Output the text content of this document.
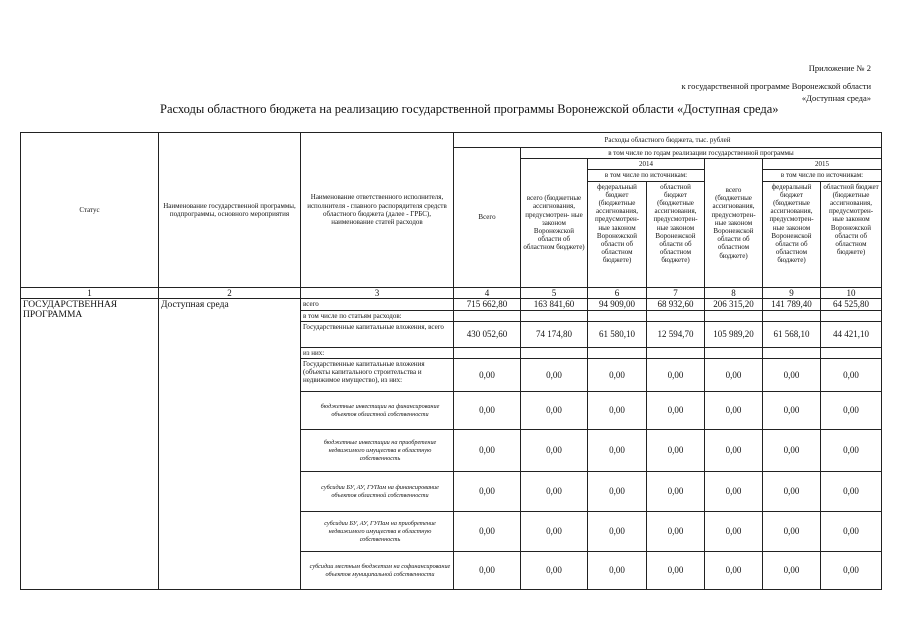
Приложение № 2
к государственной программе Воронежской области
«Доступная среда»
Расходы областного бюджета на реализацию государственной программы Воронежской области «Доступная среда»
Статус	Наименование государственной программы, подпрограммы, основного мероприятия	Наименование ответственного исполнителя, исполнителя - главного распорядителя средств областного бюджета (далее - ГРБС), наименование статей расходов	Расходы областного бюджета, тыс. рублей						
			Всего	в том числе по годам реализации государственной программы					
				всего (бюджетные ассигнования, предусмотрен- ные законом Воронежской области об областном бюджете)	2014		всего (бюджетные ассигнования, предусмотрен- ные законом Воронежской области об областном бюджете)	2015	
					в том числе по источникам:			в том числе по источникам:	
					федеральный бюджет (бюджетные ассигнования, предусмотрен- ные законом Воронежской области об областном бюджете)	областной бюджет (бюджетные ассигнования, предусмотрен- ные законом Воронежской области об областном бюджете)		федеральный бюджет (бюджетные ассигнования, предусмотрен- ные законом Воронежской области об областном бюджете)	областной бюджет (бюджетные ассигнования, предусмотрен- ные законом Воронежской области об областном бюджете)
1	2	3	4	5	6	7	8	9	10
ГОСУДАРСТВЕННАЯ ПРОГРАММА	Доступная среда	всего	715 662,80	163 841,60	94 909,00	68 932,60	206 315,20	141 789,40	64 525,80
		в том числе по статьям расходов:							
		Государственные капитальные вложения, всего	430 052,60	74 174,80	61 580,10	12 594,70	105 989,20	61 568,10	44 421,10
		из них:							
		Государственные капитальные вложения (объекты капитального строительства и недвижимое имущество), из них:	0,00	0,00	0,00	0,00	0,00	0,00	0,00
		бюджетные инвестиции на финансирование объектов областной собственности	0,00	0,00	0,00	0,00	0,00	0,00	0,00
		бюджетные инвестиции на приобретение недвижимого имущества в областную собственность	0,00	0,00	0,00	0,00	0,00	0,00	0,00
		субсидии БУ, АУ, ГУПам на финансирование объектов областной собственности	0,00	0,00	0,00	0,00	0,00	0,00	0,00
		субсидии БУ, АУ, ГУПам на приобретение недвижимого имущества в областную собственность	0,00	0,00	0,00	0,00	0,00	0,00	0,00
		субсидии местным бюджетам на софинансирование объектов муниципальной собственности	0,00	0,00	0,00	0,00	0,00	0,00	0,00
